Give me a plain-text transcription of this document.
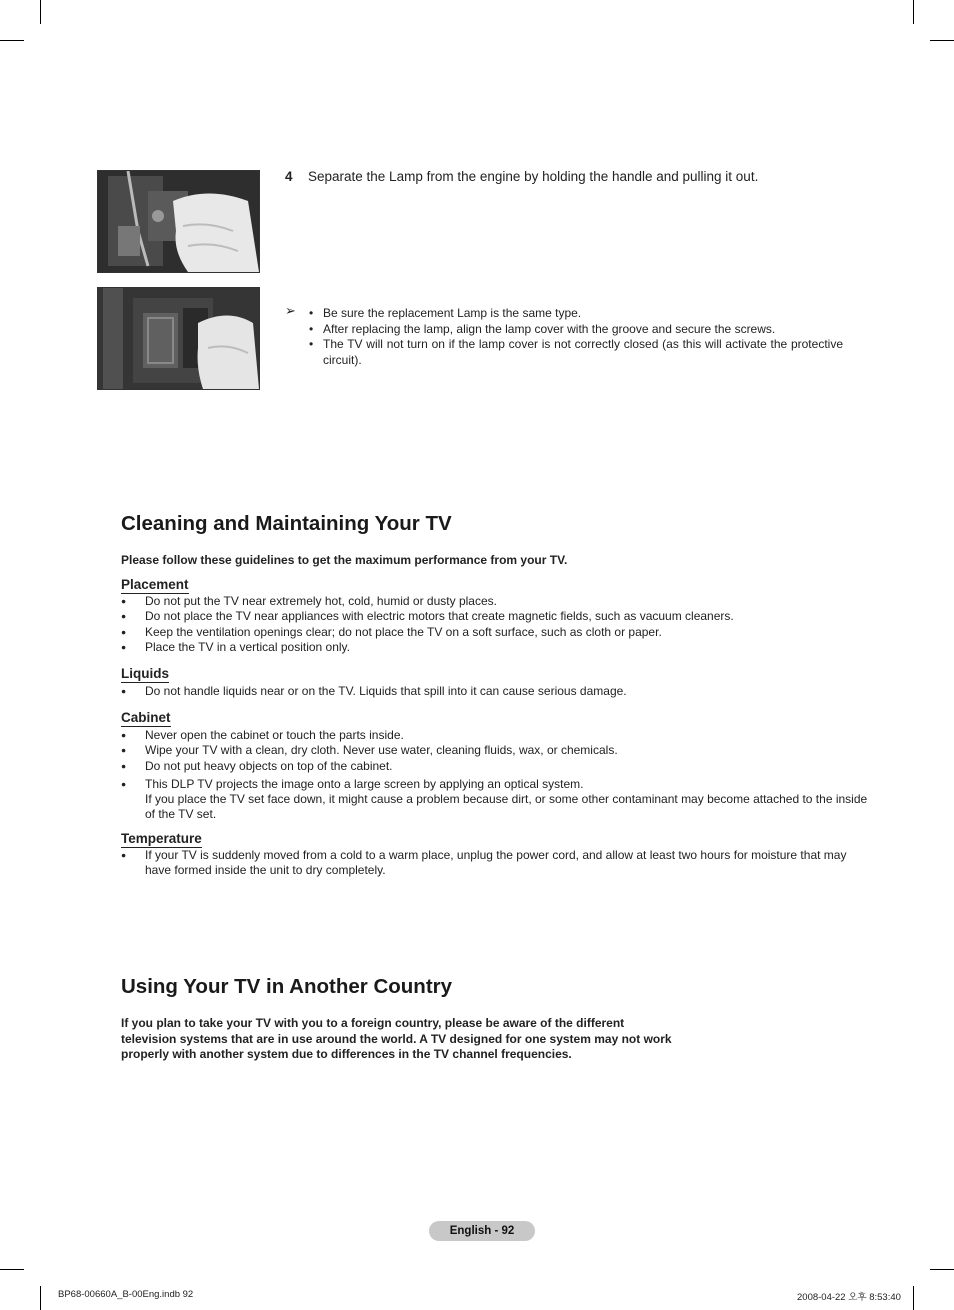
4 Separate the Lamp from the engine by holding the handle and pulling it out.
➢
•	Be sure the replacement Lamp is the same type.
• After replacing the lamp, align the lamp cover with the groove and secure the screws.
• The TV will not turn on if the lamp cover is not correctly closed (as this will activate the protective circuit).
Cleaning and Maintaining Your TV

Please follow these guidelines to get the maximum performance from your TV.

Placement

● Do not put the TV near extremely hot, cold, humid or dusty places.
● Do not place the TV near appliances with electric motors that create magnetic fields, such as vacuum cleaners.
● Keep the ventilation openings clear; do not place the TV on a soft surface, such as cloth or paper.
● Place the TV in a vertical position only.

Liquids

● Do not handle liquids near or on the TV. Liquids that spill into it can cause serious damage.

Cabinet

● Never open the cabinet or touch the parts inside.
● Wipe your TV with a clean, dry cloth. Never use water, cleaning fluids, wax, or chemicals.
● Do not put heavy objects on top of the cabinet.
● This DLP TV projects the image onto a large screen by applying an optical system.
If you place the TV set face down, it might cause a problem because dirt, or some other contaminant may become attached to the inside of the TV set.

Temperature

● If your TV is suddenly moved from a cold to a warm place, unplug the power cord, and allow at least two hours for moisture that may have formed inside the unit to dry completely.
Using Your TV in Another Country
If you plan to take your TV with you to a foreign country, please be aware of the different
television systems that are in use around the world. A TV designed for one system may not work
properly with another system due to differences in the TV channel frequencies.
English - 92
BP68-00660A_B-00Eng.indb 92	2008-04-22 오후 8:53:40
